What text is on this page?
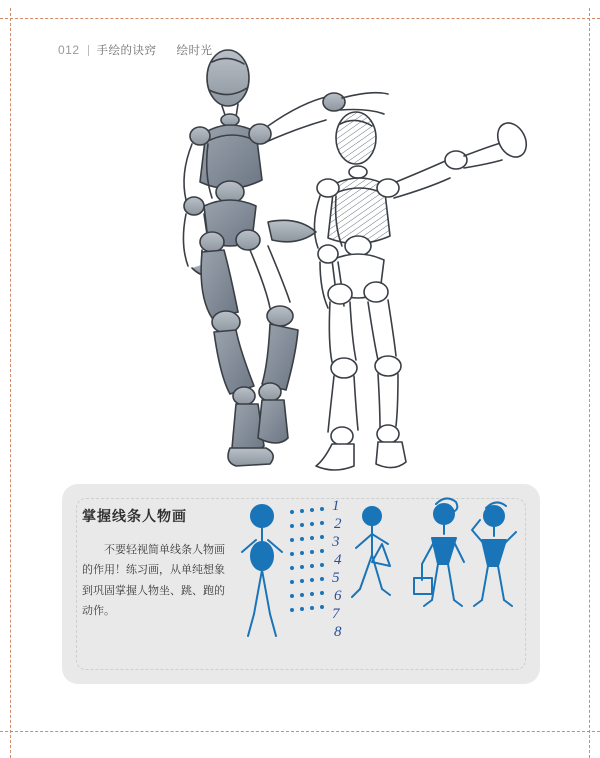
012 手绘的诀窍 绘时光
掌握线条人物画
不要轻视简单线条人物画的作用！练习画，从单纯想象到巩固掌握人物坐、跳、跑的动作。
1
2
3
4
5
6
7
8
